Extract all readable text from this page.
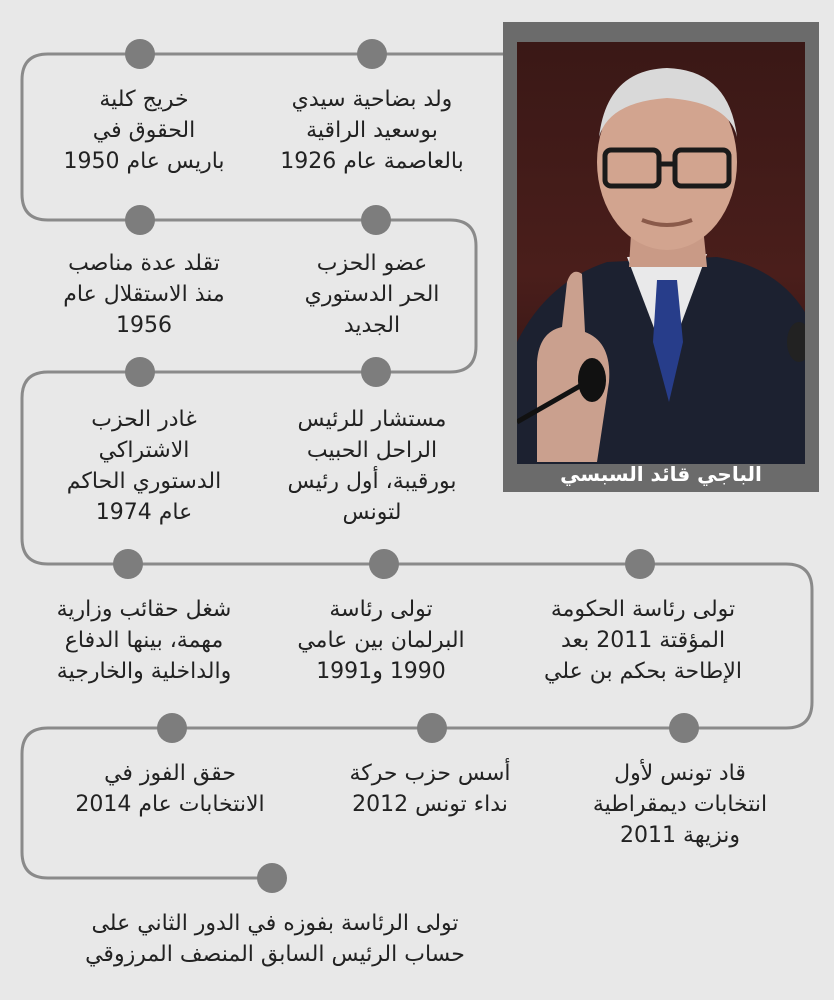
ولد بضاحية سيدي
بوسعيد الراقية
بالعاصمة عام 1926
خريج كلية
الحقوق في
باريس عام 1950
عضو الحزب
الحر الدستوري
الجديد
تقلد عدة مناصب
منذ الاستقلال عام
1956
مستشار للرئيس
الراحل الحبيب
بورقيبة، أول رئيس
لتونس
غادر الحزب
الاشتراكي
الدستوري الحاكم
عام 1974
تولى رئاسة الحكومة
المؤقتة 2011 بعد
الإطاحة بحكم بن علي
تولى رئاسة
البرلمان بين عامي
1990 و1991
شغل حقائب وزارية
مهمة، بينها الدفاع
والداخلية والخارجية
قاد تونس لأول
انتخابات ديمقراطية
ونزيهة 2011
أسس حزب حركة
نداء تونس 2012
حقق الفوز في
الانتخابات عام 2014
تولى الرئاسة بفوزه في الدور الثاني على
حساب الرئيس السابق المنصف المرزوقي
الباجي قائد السبسي
